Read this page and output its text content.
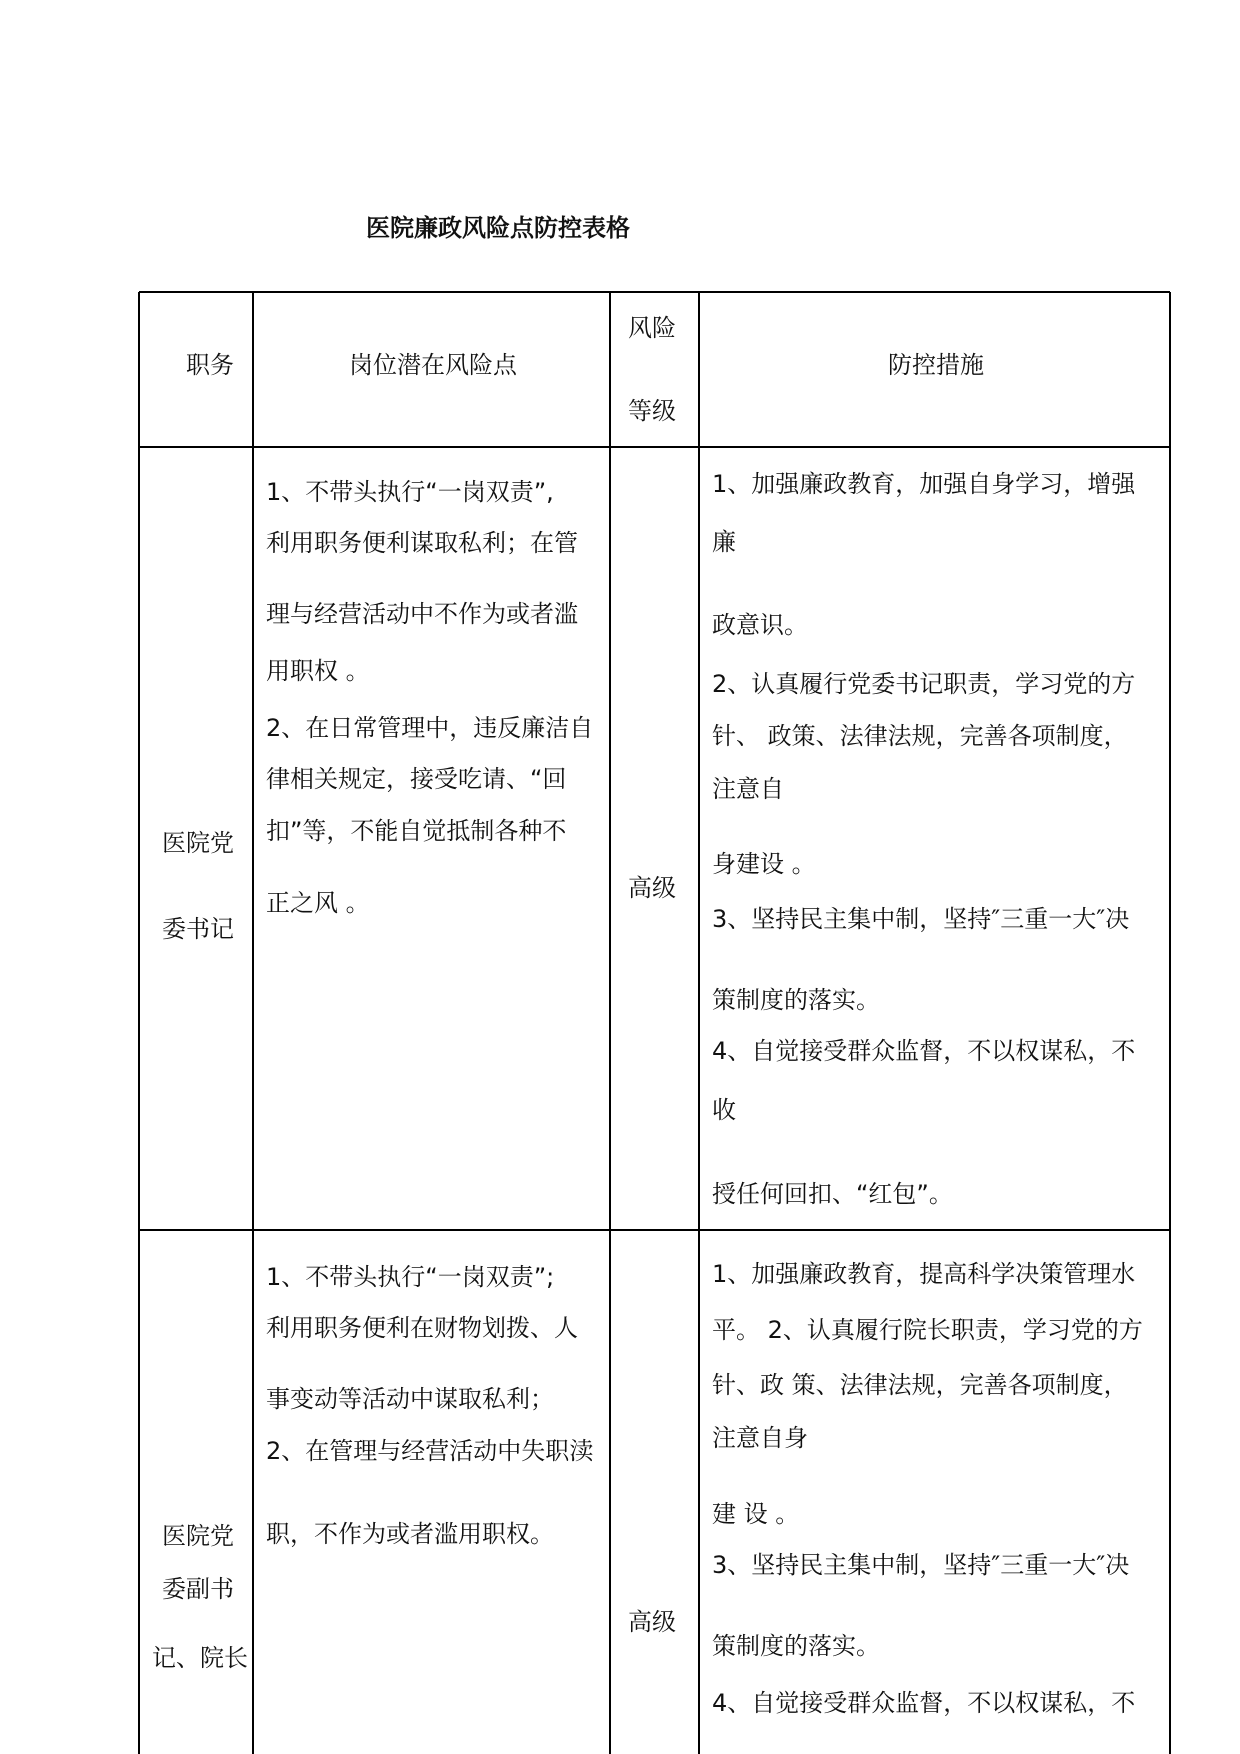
医院廉政风险点防控表格
职务	岗位潜在风险点
风险
等级
防控措施
医院党
委书记
1、不带头执行“一岗双责”,
利用职务便利谋取私利；在管
理与经营活动中不作为或者滥
用职权 。
2、在日常管理中，违反廉洁自
律相关规定，接受吃请、“回
扣”等，不能自觉抵制各种不
正之风 。
高级
1、加强廉政教育，加强自身学习，增强
廉
政意识。
2、认真履行党委书记职责，学习党的方
针、 政策、法律法规，完善各项制度，
注意自
身建设 。
3、坚持民主集中制，坚持″三重一大″决
策制度的落实。
4、自觉接受群众监督，不以权谋私，不
收
授任何回扣、“红包”。
医院党
委副书
记、院长
1、不带头执行“一岗双责”;
利用职务便利在财物划拨、人
事变动等活动中谋取私利；
2、在管理与经营活动中失职渎
职，不作为或者滥用职权。
高级
1、加强廉政教育，提高科学决策管理水
平。 2、认真履行院长职责，学习党的方
针、政 策、法律法规，完善各项制度，
注意自身
建 设 。
3、坚持民主集中制，坚持″三重一大″决
策制度的落实。
4、自觉接受群众监督，不以权谋私，不
